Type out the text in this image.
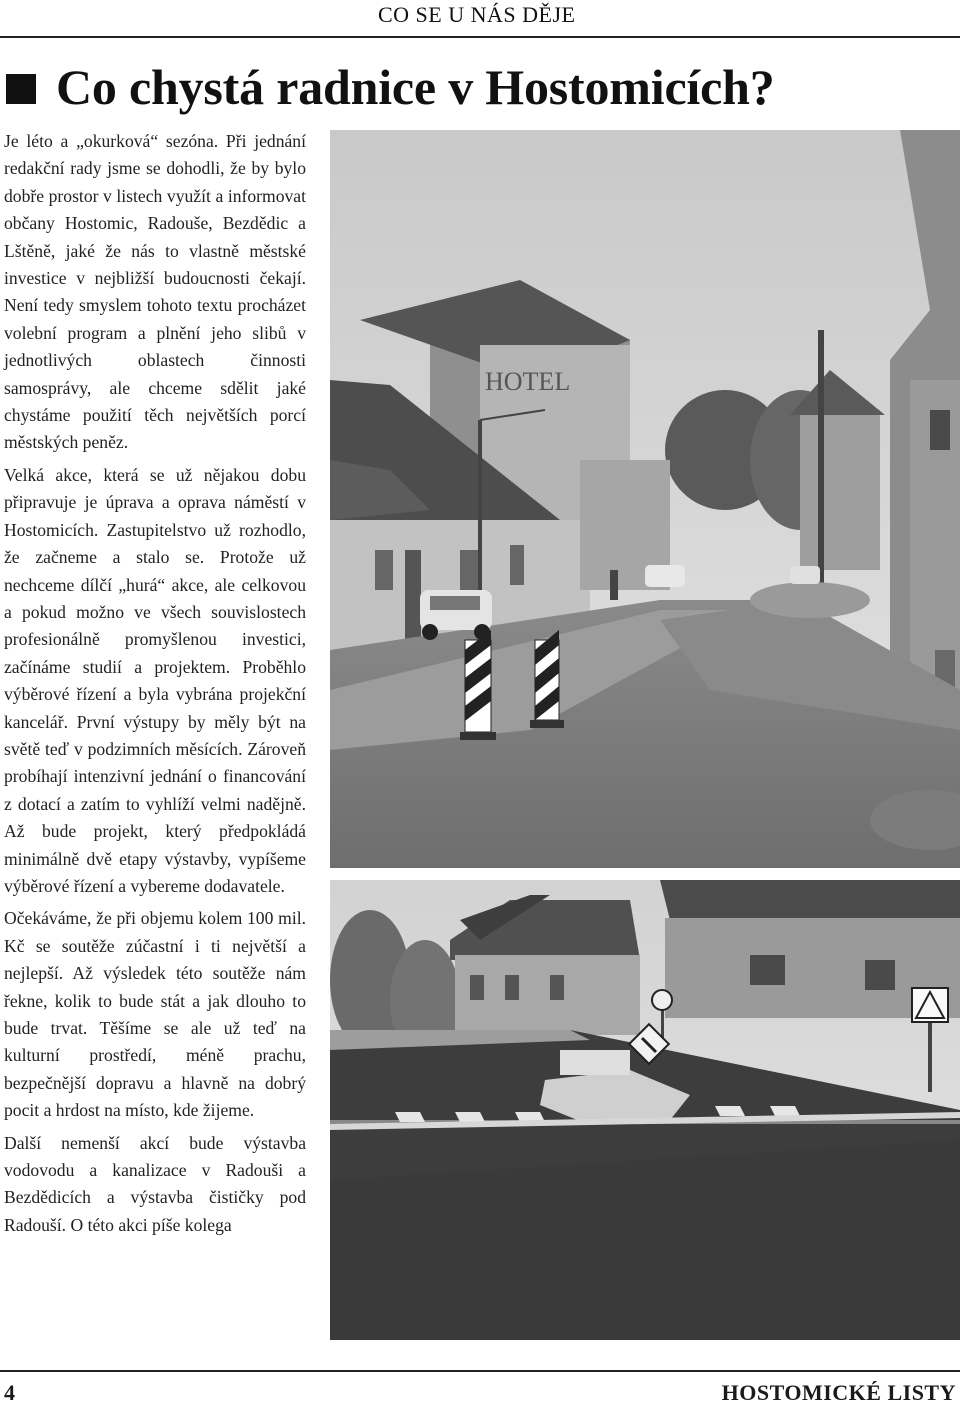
CO SE U NÁS DĚJE
Co chystá radnice v Hostomicích?

Je léto a „okurková“ sezóna. Při jednání redakční rady jsme se dohodli, že by bylo dobře prostor v listech využít a informovat občany Hostomic, Radouše, Bezdědic a Lštěně, jaké že nás to vlastně městské investice v nejbližší budoucnosti čekají. Není tedy smyslem tohoto textu procházet volební program a plnění jeho slibů v jednotlivých oblastech činnosti samosprávy, ale chceme sdělit jaké chystáme použití těch největších porcí městských peněz.

Velká akce, která se už nějakou dobu připravuje je úprava a oprava náměstí v Hostomicích. Zastupitelstvo už rozhodlo, že začneme a stalo se. Protože už nechceme dílčí „hurá“ akce, ale celkovou a pokud možno ve všech souvislostech profesionálně promyšlenou investici, začínáme studií a projektem. Proběhlo výběrové řízení a byla vybrána projekční kancelář. První výstupy by měly být na světě teď v podzimních měsících. Zároveň probíhají intenzivní jednání o financování z dotací a zatím to vyhlíží velmi nadějně. Až bude projekt, který předpokládá minimálně dvě etapy výstavby, vypíšeme výběrové řízení a vybereme dodavatele.

Očekáváme, že při objemu kolem 100 mil. Kč se soutěže zúčastní i ti největší a nejlepší. Až výsledek této soutěže nám řekne, kolik to bude stát a jak dlouho to bude trvat. Těšíme se ale už teď na kulturní prostředí, méně prachu, bezpečnější dopravu a hlavně na dobrý pocit a hrdost na místo, kde žijeme.

Další nemenší akcí bude výstavba vodovodu a kanalizace v Radouši a Bezdědicích a výstavba čističky pod Radouší. O této akci píše kolega

HOTEL
4	HOSTOMICKÉ LISTY
